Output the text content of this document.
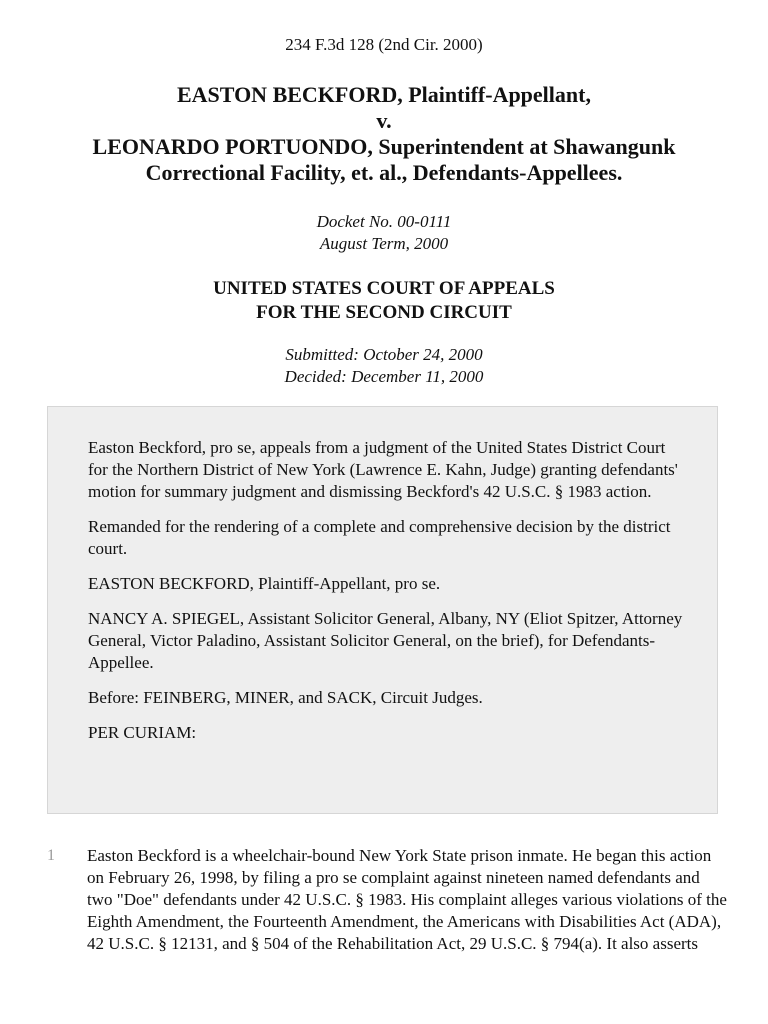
234 F.3d 128 (2nd Cir. 2000)
EASTON BECKFORD, Plaintiff-Appellant,
v.
LEONARDO PORTUONDO, Superintendent at Shawangunk
Correctional Facility, et. al., Defendants-Appellees.
Docket No. 00-0111
August Term, 2000
UNITED STATES COURT OF APPEALS
FOR THE SECOND CIRCUIT
Submitted: October 24, 2000
Decided: December 11, 2000

Easton Beckford, pro se, appeals from a judgment of the United States District Court for the Northern District of New York (Lawrence E. Kahn, Judge) granting defendants' motion for summary judgment and dismissing Beckford's 42 U.S.C. § 1983 action.

Remanded for the rendering of a complete and comprehensive decision by the district court.

EASTON BECKFORD, Plaintiff-Appellant, pro se.

NANCY A. SPIEGEL, Assistant Solicitor General, Albany, NY (Eliot Spitzer, Attorney General, Victor Paladino, Assistant Solicitor General, on the brief), for Defendants-Appellee.

Before: FEINBERG, MINER, and SACK, Circuit Judges.

PER CURIAM:

1 Easton Beckford is a wheelchair-bound New York State prison inmate. He began this action on February 26, 1998, by filing a pro se complaint against nineteen named defendants and two "Doe" defendants under 42 U.S.C. § 1983. His complaint alleges various violations of the Eighth Amendment, the Fourteenth Amendment, the Americans with Disabilities Act (ADA), 42 U.S.C. § 12131, and § 504 of the Rehabilitation Act, 29 U.S.C. § 794(a). It also asserts
